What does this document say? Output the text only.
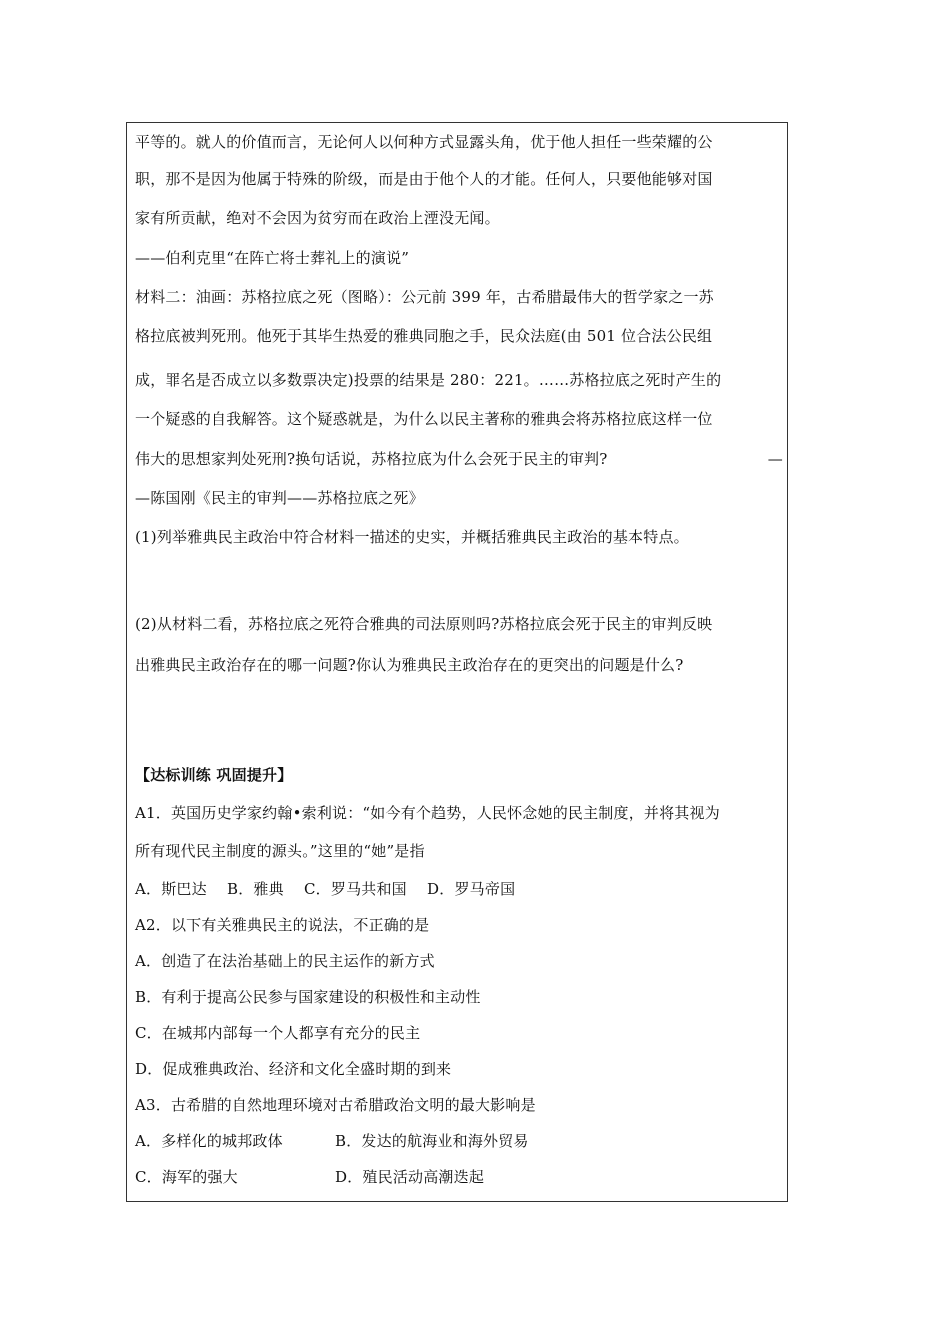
平等的。就人的价值而言，无论何人以何种方式显露头角，优于他人担任一些荣耀的公
职，那不是因为他属于特殊的阶级，而是由于他个人的才能。任何人，只要他能够对国
家有所贡献，绝对不会因为贫穷而在政治上湮没无闻。
——伯利克里“在阵亡将士葬礼上的演说”
材料二：油画：苏格拉底之死（图略）：公元前 399 年，古希腊最伟大的哲学家之一苏
格拉底被判死刑。他死于其毕生热爱的雅典同胞之手，民众法庭(由 501 位合法公民组
成，罪名是否成立以多数票决定)投票的结果是 280：221。……苏格拉底之死时产生的
一个疑惑的自我解答。这个疑惑就是，为什么以民主著称的雅典会将苏格拉底这样一位
伟大的思想家判处死刑?换句话说，苏格拉底为什么会死于民主的审判?	—
—陈国刚《民主的审判——苏格拉底之死》
(1)列举雅典民主政治中符合材料一描述的史实，并概括雅典民主政治的基本特点。
(2)从材料二看，苏格拉底之死符合雅典的司法原则吗?苏格拉底会死于民主的审判反映
出雅典民主政治存在的哪一问题?你认为雅典民主政治存在的更突出的问题是什么?
【达标训练 巩固提升】
A1．英国历史学家约翰•索利说：“如今有个趋势，人民怀念她的民主制度，并将其视为
所有现代民主制度的源头。”这里的“她”是指
A．斯巴达　 B．雅典　 C．罗马共和国　 D．罗马帝国
A2．以下有关雅典民主的说法，不正确的是
A．创造了在法治基础上的民主运作的新方式
B．有利于提高公民参与国家建设的积极性和主动性
C．在城邦内部每一个人都享有充分的民主
D．促成雅典政治、经济和文化全盛时期的到来
A3．古希腊的自然地理环境对古希腊政治文明的最大影响是
A．多样化的城邦政体	B．发达的航海业和海外贸易
C．海军的强大	D．殖民活动高潮迭起
